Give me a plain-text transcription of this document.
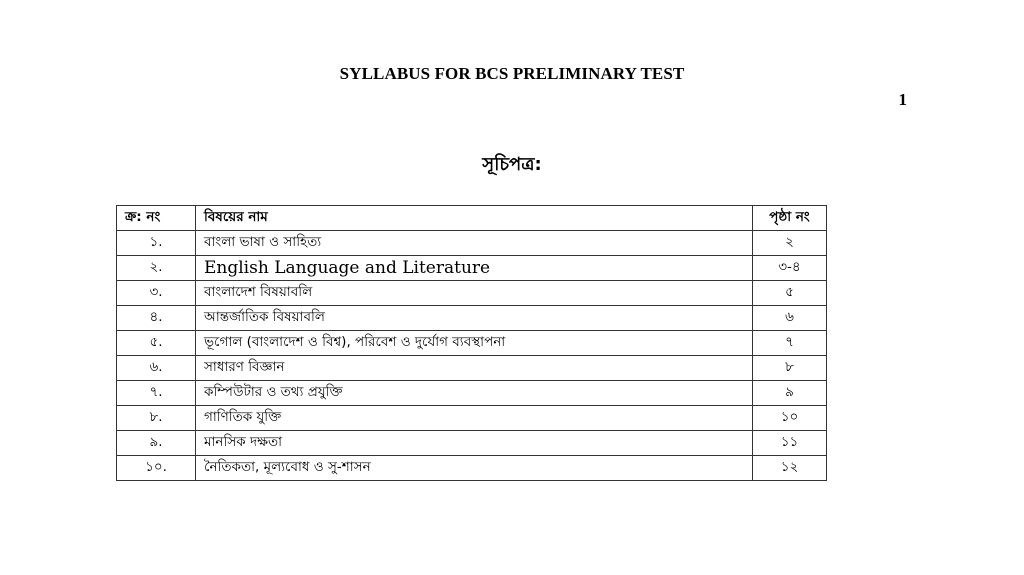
SYLLABUS FOR BCS PRELIMINARY TEST
1
সূচিপত্র:
ক্র: নং	বিষয়ের নাম	পৃষ্ঠা নং
১.	বাংলা ভাষা ও সাহিত্য	২
২.	English Language and Literature	৩-৪
৩.	বাংলাদেশ বিষয়াবলি	৫
৪.	আন্তর্জাতিক বিষয়াবলি	৬
৫.	ভূগোল (বাংলাদেশ ও বিশ্ব), পরিবেশ ও দুর্যোগ ব্যবস্থাপনা	৭
৬.	সাধারণ বিজ্ঞান	৮
৭.	কম্পিউটার ও তথ্য প্রযুক্তি	৯
৮.	গাণিতিক যুক্তি	১০
৯.	মানসিক দক্ষতা	১১
১০.	নৈতিকতা, মূল্যবোধ ও সু-শাসন	১২
